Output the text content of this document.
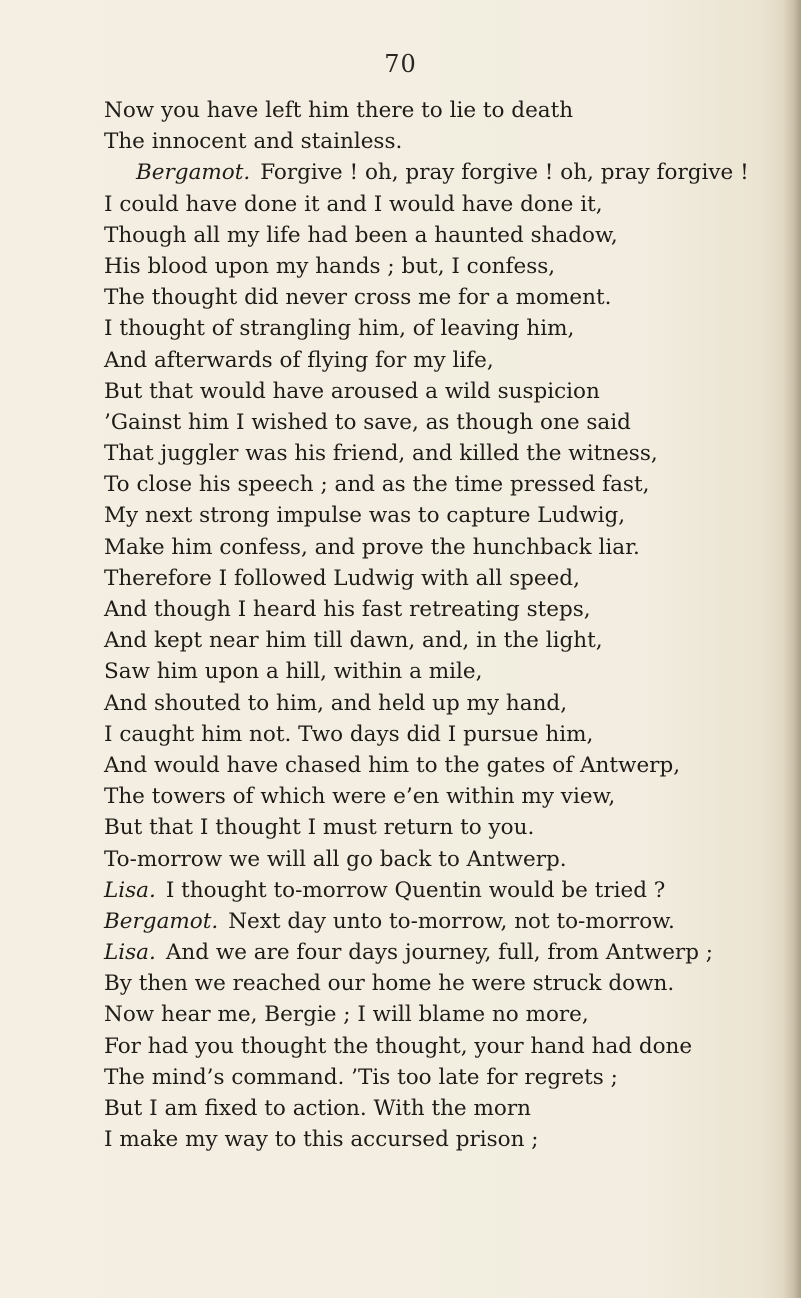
70
Now you have left him there to lie to death
The innocent and stainless.
Bergamot. Forgive ! oh, pray forgive ! oh, pray forgive !
I could have done it and I would have done it,
Though all my life had been a haunted shadow,
His blood upon my hands ; but, I confess,
The thought did never cross me for a moment.
I thought of strangling him, of leaving him,
And afterwards of flying for my life,
But that would have aroused a wild suspicion
’Gainst him I wished to save, as though one said
That juggler was his friend, and killed the witness,
To close his speech ; and as the time pressed fast,
My next strong impulse was to capture Ludwig,
Make him confess, and prove the hunchback liar.
Therefore I followed Ludwig with all speed,
And though I heard his fast retreating steps,
And kept near him till dawn, and, in the light,
Saw him upon a hill, within a mile,
And shouted to him, and held up my hand,
I caught him not. Two days did I pursue him,
And would have chased him to the gates of Antwerp,
The towers of which were e’en within my view,
But that I thought I must return to you.
To-morrow we will all go back to Antwerp.
Lisa. I thought to-morrow Quentin would be tried ?
Bergamot. Next day unto to-morrow, not to-morrow.
Lisa. And we are four days journey, full, from Antwerp ;
By then we reached our home he were struck down.
Now hear me, Bergie ; I will blame no more,
For had you thought the thought, your hand had done
The mind’s command. ’Tis too late for regrets ;
But I am fixed to action. With the morn
I make my way to this accursed prison ;
